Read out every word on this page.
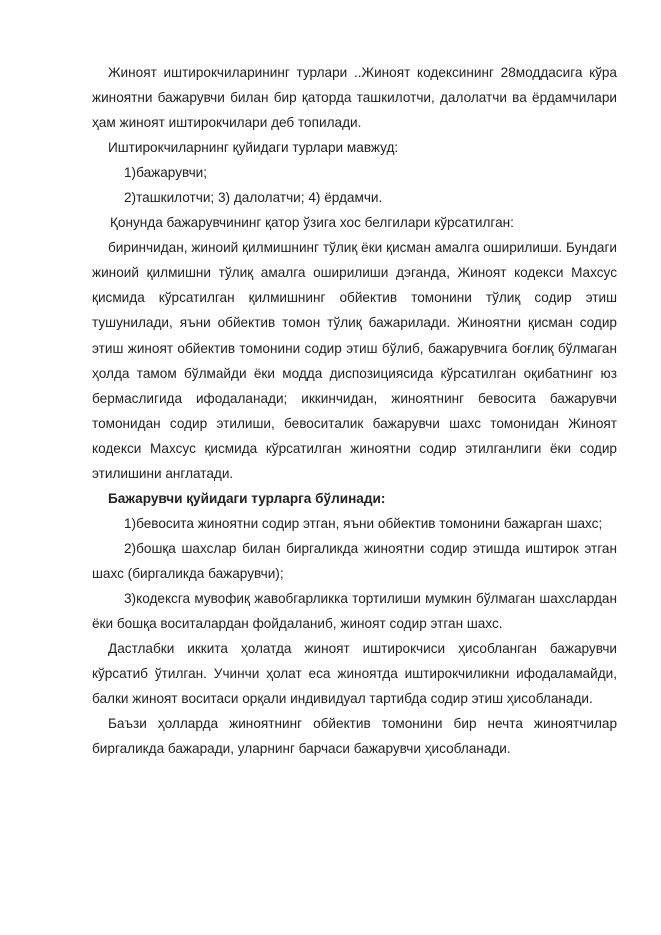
Жиноят иштирокчиларининг турлари ..Жиноят кодексининг 28моддасига кўра жиноятни бажарувчи билан бир қаторда ташкилотчи, далолатчи ва ёрдамчилари ҳам жиноят иштирокчилари деб топилади.

Иштирокчиларнинг қуйидаги турлари мавжуд:

1)бажарувчи;

2)ташкилотчи; 3) далолатчи; 4) ёрдамчи.

Қонунда бажарувчининг қатор ўзига хос белгилари кўрсатилган:

биринчидан, жиноий қилмишнинг тўлиқ ёки қисман амалга оширилиши. Бундаги жиноий қилмишни тўлиқ амалга оширилиши дэганда, Жиноят кодекси Махсус қисмида кўрсатилган қилмишнинг обйектив томонини тўлиқ содир этиш тушунилади, яъни обйектив томон тўлиқ бажарилади. Жиноятни қисман содир этиш жиноят обйектив томонини содир этиш бўлиб, бажарувчига боғлиқ бўлмаган ҳолда тамом бўлмайди ёки модда диспозициясида кўрсатилган оқибатнинг юз бермаслигида ифодаланади; иккинчидан, жиноятнинг бевосита бажарувчи томонидан содир этилиши, бевоситалик бажарувчи шахс томонидан Жиноят кодекси Махсус қисмида кўрсатилган жиноятни содир этилганлиги ёки содир этилишини англатади.

Бажарувчи қуйидаги турларга бўлинади:

1)бевосита жиноятни содир этган, яъни обйектив томонини бажарган шахс;

2)бошқа шахслар билан биргаликда жиноятни содир этишда иштирок этган шахс (биргаликда бажарувчи);

3)кодексга мувофиқ жавобгарликка тортилиши мумкин бўлмаган шахслардан ёки бошқа воситалардан фойдаланиб, жиноят содир этган шахс.

Дастлабки иккита ҳолатда жиноят иштирокчиси ҳисобланган бажарувчи кўрсатиб ўтилган. Учинчи ҳолат еса жиноятда иштирокчиликни ифодаламайди, балки жиноят воситаси орқали индивидуал тартибда содир этиш ҳисобланади.

Баъзи ҳолларда жиноятнинг обйектив томонини бир нечта жиноятчилар биргаликда бажаради, уларнинг барчаси бажарувчи ҳисобланади.
